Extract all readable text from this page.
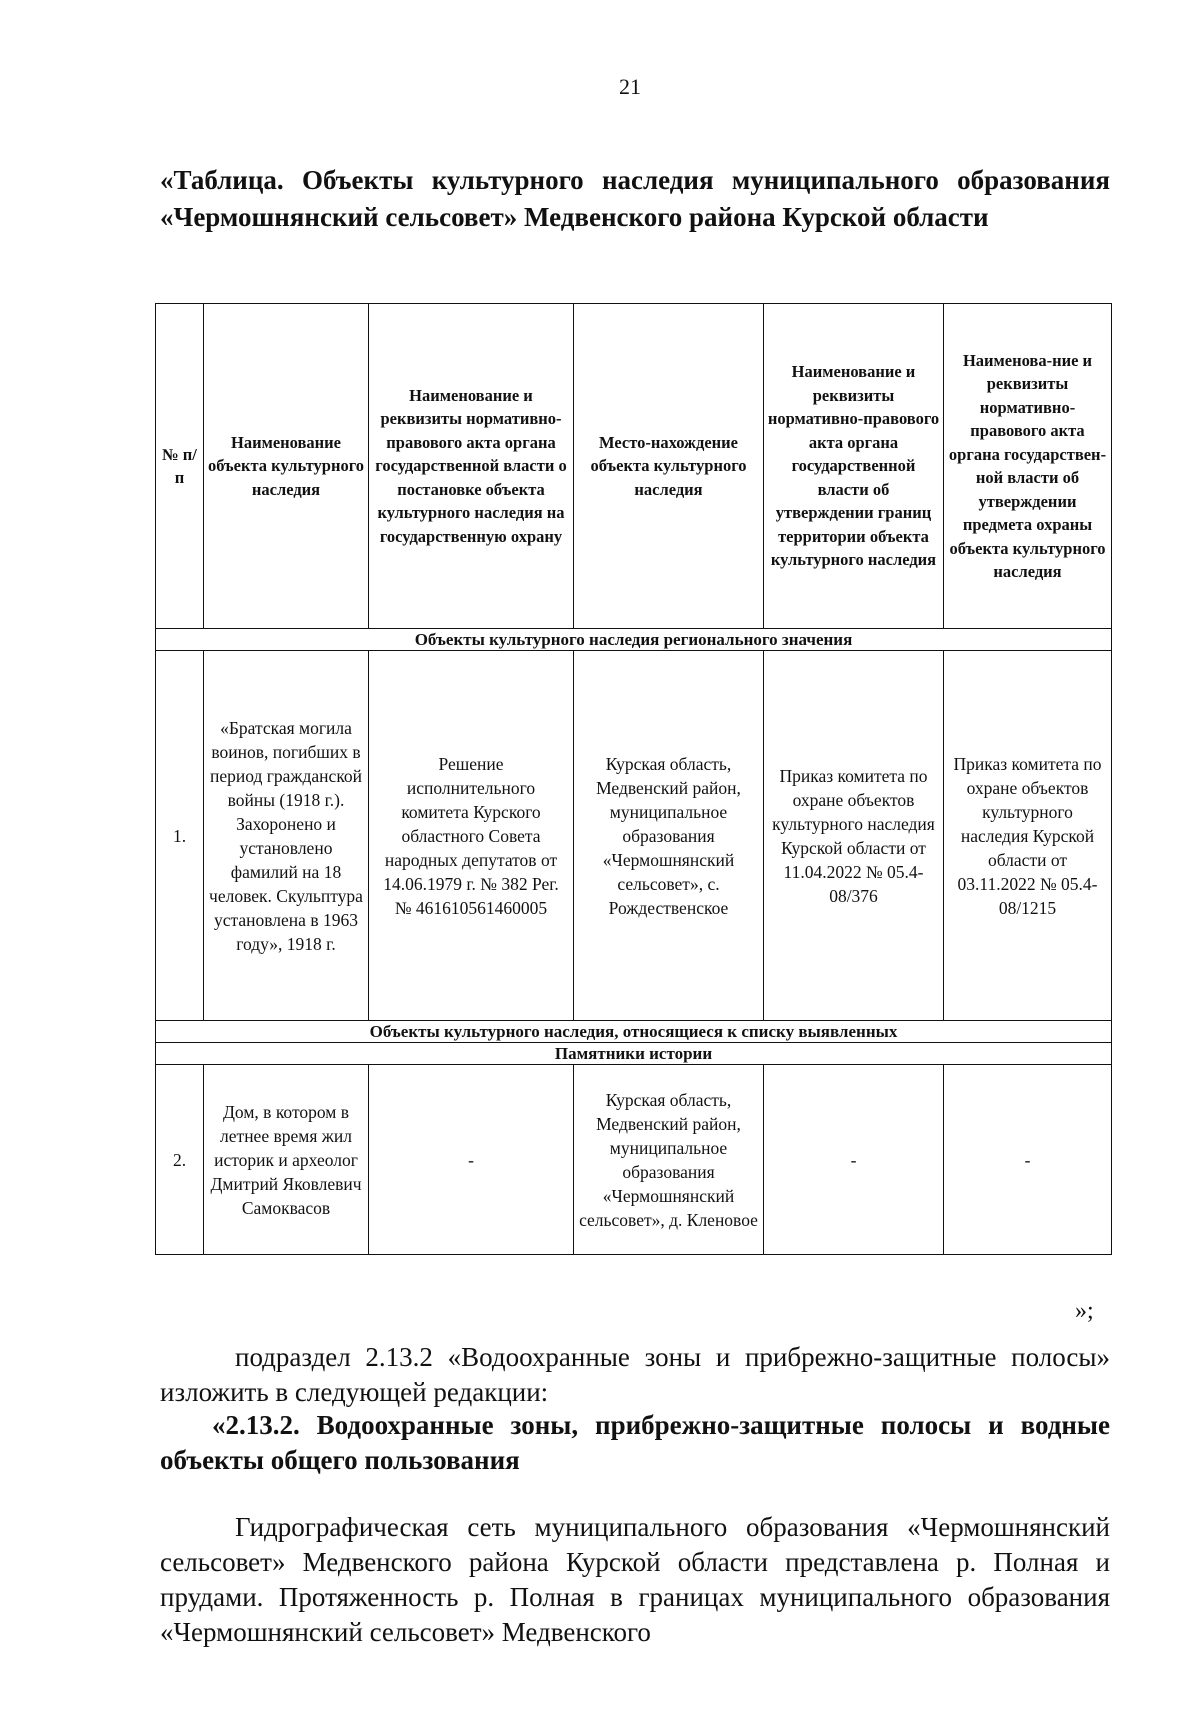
21
«Таблица. Объекты культурного наследия муниципального образования «Чермошнянский сельсовет» Медвенского района Курской области
№ п/п	Наименование объекта культурного наследия	Наименование и реквизиты нормативно-правового акта органа государственной власти о постановке объекта культурного наследия на государственную охрану	Место-нахождение объекта культурного наследия	Наименование и реквизиты нормативно-правового акта органа государственной власти об утверждении границ территории объекта культурного наследия	Наименова-ние и реквизиты нормативно-правового акта органа государствен-ной власти об утверждении предмета охраны объекта культурного наследия
Объекты культурного наследия регионального значения					
1.	«Братская могила воинов, погибших в период гражданской войны (1918 г.). Захоронено и установлено фамилий на 18 человек. Скульптура установлена в 1963 году», 1918 г.	Решение исполнительного комитета Курского областного Совета народных депутатов от 14.06.1979 г. № 382 Рег. № 461610561460005	Курская область, Медвенский район, муниципальное образования «Чермошнянский сельсовет», с. Рождественское	Приказ комитета по охране объектов культурного наследия Курской области от 11.04.2022 № 05.4-08/376	Приказ комитета по охране объектов культурного наследия Курской области от 03.11.2022 № 05.4-08/1215
Объекты культурного наследия, относящиеся к списку выявленных					
Памятники истории					
2.	Дом, в котором в летнее время жил историк и археолог Дмитрий Яковлевич Самоквасов	-	Курская область, Медвенский район, муниципальное образования «Чермошнянский сельсовет», д. Кленовое	-	-
»;
подраздел 2.13.2 «Водоохранные зоны и прибрежно-защитные полосы» изложить в следующей редакции:
«2.13.2. Водоохранные зоны, прибрежно-защитные полосы и водные объекты общего пользования
Гидрографическая сеть муниципального образования «Чермошнянский сельсовет» Медвенского района Курской области представлена р. Полная и прудами. Протяженность р. Полная в границах муниципального образования «Чермошнянский сельсовет» Медвенского
